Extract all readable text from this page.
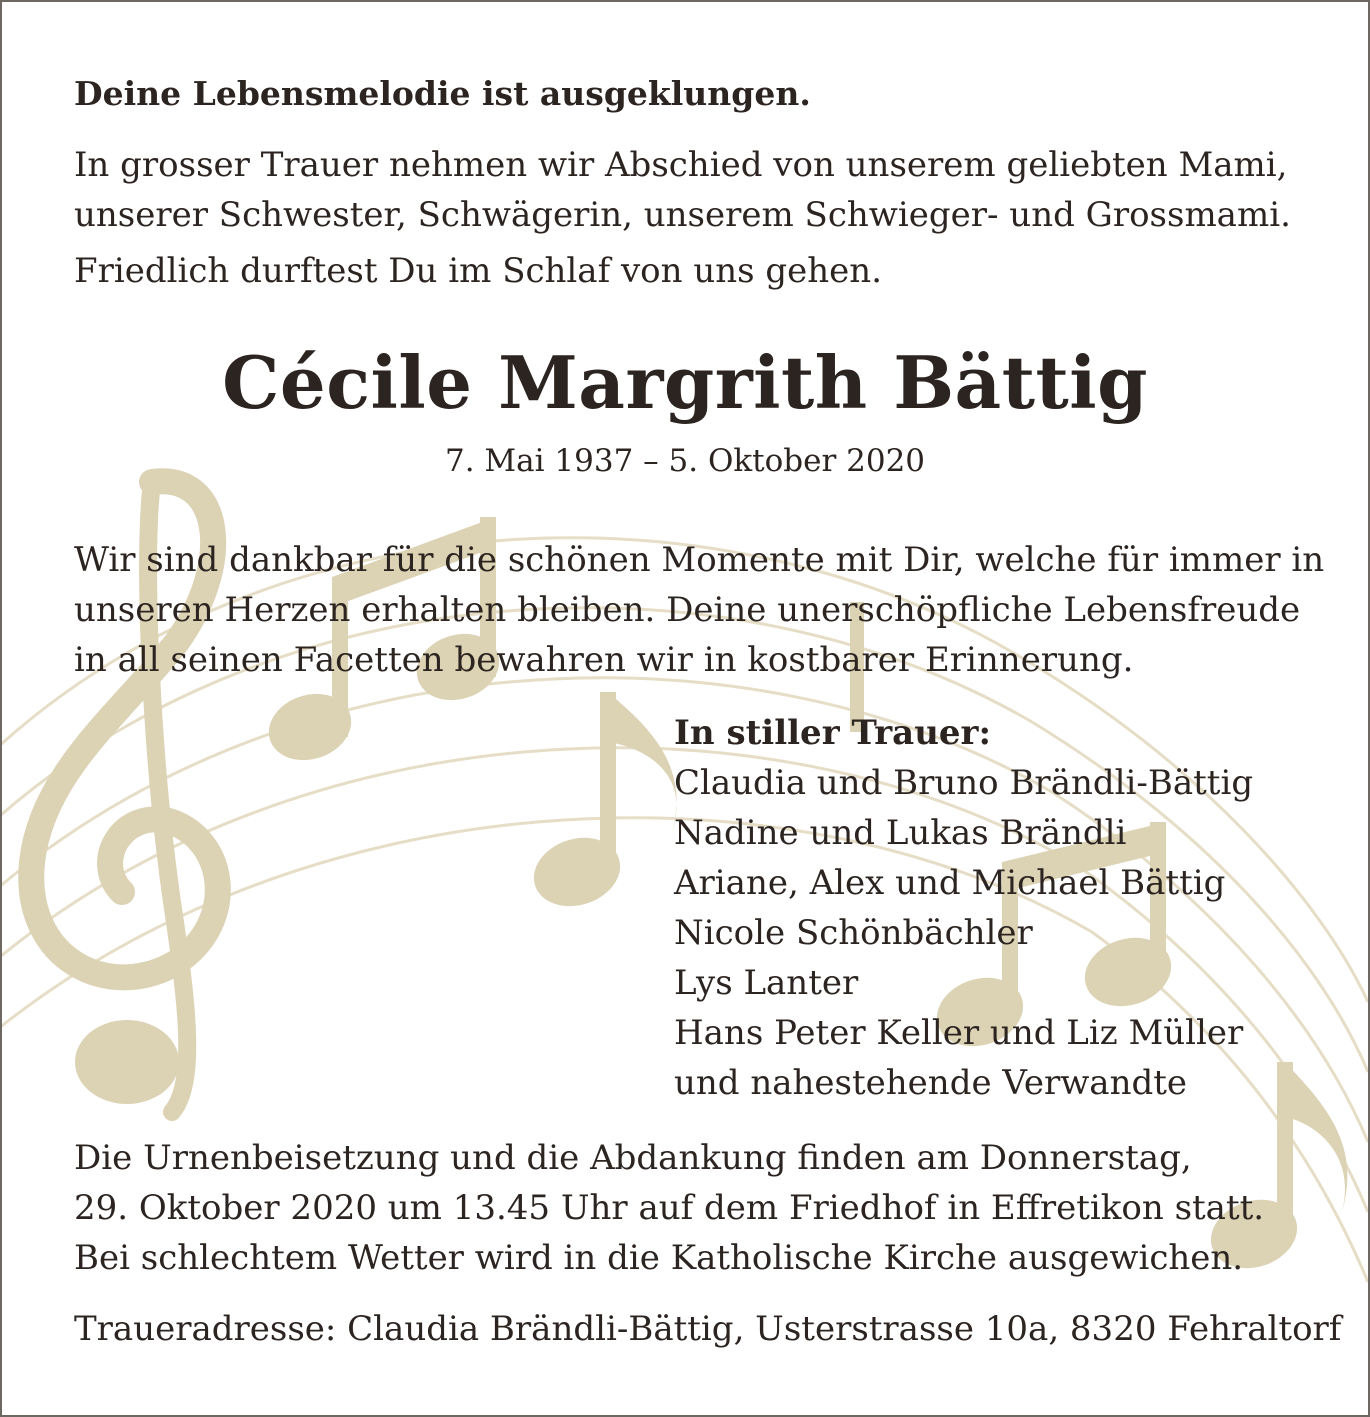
Deine Lebensmelodie ist ausgeklungen.

In grosser Trauer nehmen wir Abschied von unserem geliebten Mami,
unserer Schwester, Schwägerin, unserem Schwieger- und Grossmami.

Friedlich durftest Du im Schlaf von uns gehen.

Cécile Margrith Bättig

7. Mai 1937 – 5. Oktober 2020

Wir sind dankbar für die schönen Momente mit Dir, welche für immer in
unseren Herzen erhalten bleiben. Deine unerschöpfliche Lebensfreude
in all seinen Facetten bewahren wir in kostbarer Erinnerung.
In stiller Trauer:
Claudia und Bruno Brändli-Bättig
Nadine und Lukas Brändli
Ariane, Alex und Michael Bättig
Nicole Schönbächler
Lys Lanter
Hans Peter Keller und Liz Müller
und nahestehende Verwandte
Die Urnenbeisetzung und die Abdankung finden am Donnerstag,
29. Oktober 2020 um 13.45 Uhr auf dem Friedhof in Effretikon statt.
Bei schlechtem Wetter wird in die Katholische Kirche ausgewichen.

Traueradresse: Claudia Brändli-Bättig, Usterstrasse 10a, 8320 Fehraltorf
